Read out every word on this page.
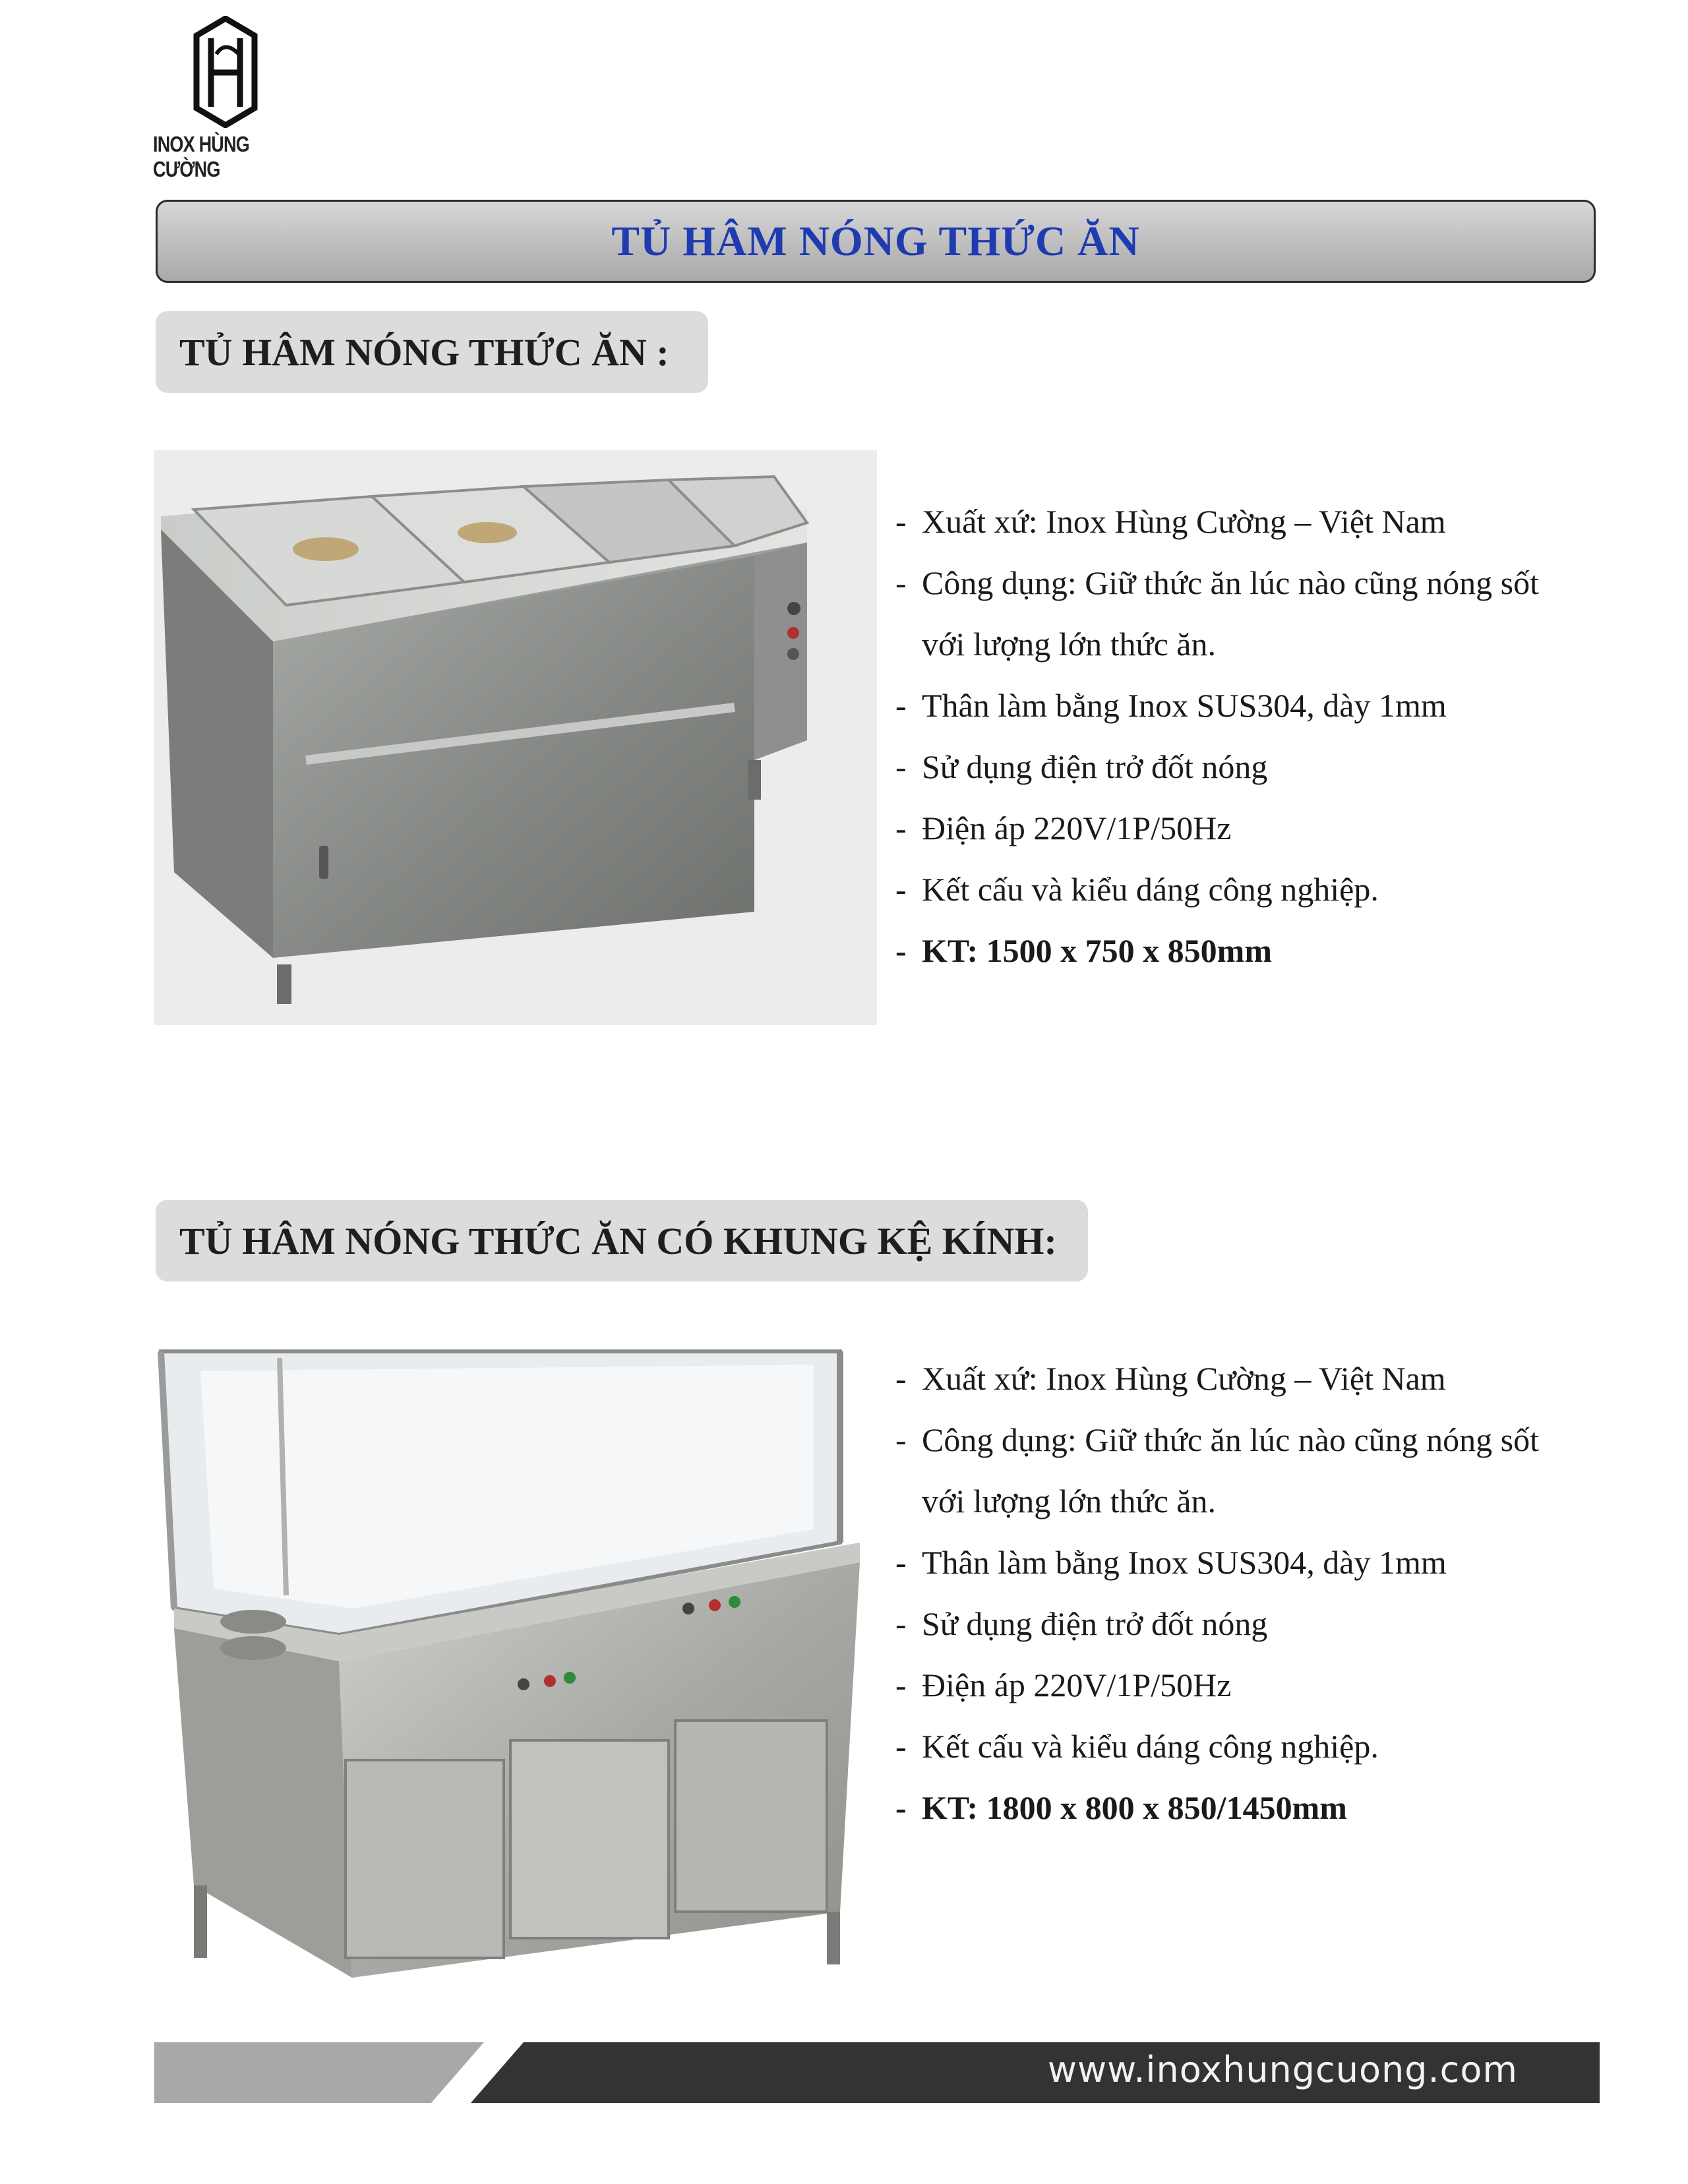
INOX HÙNG CƯỜNG
TỦ HÂM NÓNG THỨC ĂN
TỦ HÂM NÓNG THỨC ĂN :
- Xuất xứ: Inox Hùng Cường – Việt Nam
- Công dụng: Giữ thức ăn lúc nào cũng nóng sốt
với lượng lớn thức ăn.
- Thân làm bằng Inox SUS304, dày 1mm
- Sử dụng điện trở đốt nóng
- Điện áp 220V/1P/50Hz
- Kết cấu và kiểu dáng công nghiệp.
- KT: 1500 x 750 x 850mm
TỦ HÂM NÓNG THỨC ĂN CÓ KHUNG KỆ KÍNH:
- Xuất xứ: Inox Hùng Cường – Việt Nam
- Công dụng: Giữ thức ăn lúc nào cũng nóng sốt
với lượng lớn thức ăn.
- Thân làm bằng Inox SUS304, dày 1mm
- Sử dụng điện trở đốt nóng
- Điện áp 220V/1P/50Hz
- Kết cấu và kiểu dáng công nghiệp.
- KT: 1800 x 800 x 850/1450mm
www.inoxhungcuong.com
